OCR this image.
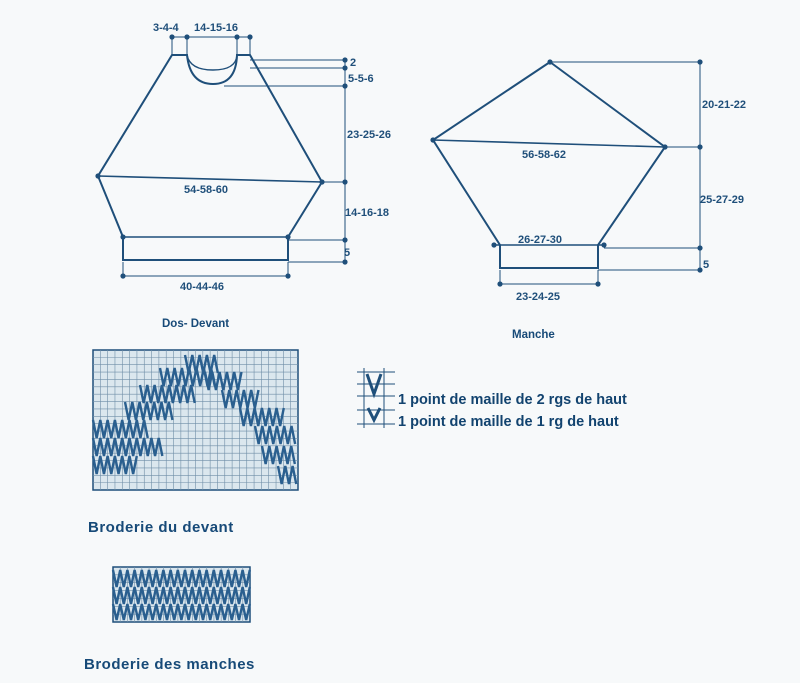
3-4-4 14-15-16
2
5-5-6
23-25-26
54-58-60
14-16-18
5
40-44-46
20-21-22
56-58-62
25-27-29
26-27-30
5
23-24-25
Dos- Devant
Manche
1 point de maille de 2 rgs de haut
1 point de maille de 1 rg de haut
Broderie du devant
Broderie des manches
